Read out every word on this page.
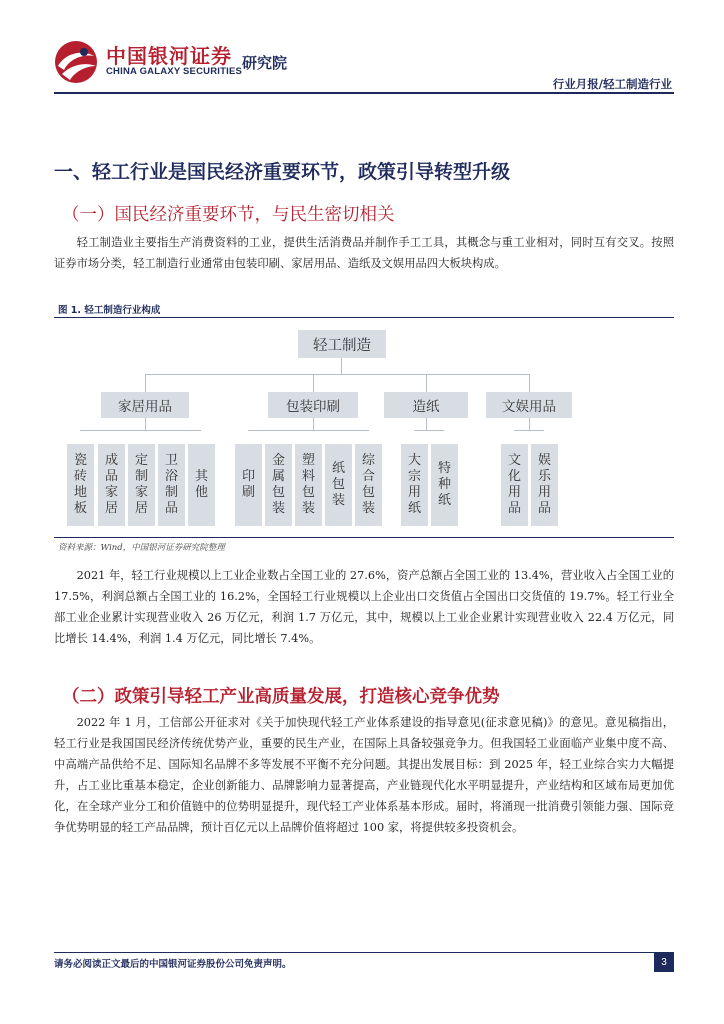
中国银河证券
CHINA GALAXY SECURITIES 研究院
行业月报/轻工制造行业
一、轻工行业是国民经济重要环节，政策引导转型升级
（一）国民经济重要环节，与民生密切相关

轻工制造业主要指生产消费资料的工业，提供生活消费品并制作手工工具，其概念与重工业相对，同时互有交叉。按照证券市场分类，轻工制造行业通常由包装印刷、家居用品、造纸及文娱用品四大板块构成。

图 1. 轻工制造行业构成
轻工制造
家居用品	包装印刷	造纸	文娱用品
瓷
砖
地
板
成
品
家
居
定
制
家
居
卫
浴
制
品
其
他
印
刷
金
属
包
装
塑
料
包
装
纸
包
装
综
合
包
装
大
宗
用
纸
特
种
纸
文
化
用
品
娱
乐
用
品
资料来源：Wind，中国银河证券研究院整理

2021 年，轻工行业规模以上工业企业数占全国工业的 27.6%，资产总额占全国工业的 13.4%，营业收入占全国工业的 17.5%，利润总额占全国工业的 16.2%，全国轻工行业规模以上企业出口交货值占全国出口交货值的 19.7%。轻工行业全部工业企业累计实现营业收入 26 万亿元，利润 1.7 万亿元，其中，规模以上工业企业累计实现营业收入 22.4 万亿元，同比增长 14.4%，利润 1.4 万亿元，同比增长 7.4%。

（二）政策引导轻工产业高质量发展，打造核心竞争优势

2022 年 1 月，工信部公开征求对《关于加快现代轻工产业体系建设的指导意见(征求意见稿)》的意见。意见稿指出，轻工行业是我国国民经济传统优势产业，重要的民生产业，在国际上具备较强竞争力。但我国轻工业面临产业集中度不高、中高端产品供给不足、国际知名品牌不多等发展不平衡不充分问题。其提出发展目标：到 2025 年，轻工业综合实力大幅提升，占工业比重基本稳定，企业创新能力、品牌影响力显著提高，产业链现代化水平明显提升，产业结构和区域布局更加优化，在全球产业分工和价值链中的位势明显提升，现代轻工产业体系基本形成。届时，将涌现一批消费引领能力强、国际竞争优势明显的轻工产品品牌，预计百亿元以上品牌价值将超过 100 家，将提供较多投资机会。

请务必阅读正文最后的中国银河证券股份公司免责声明。	3
